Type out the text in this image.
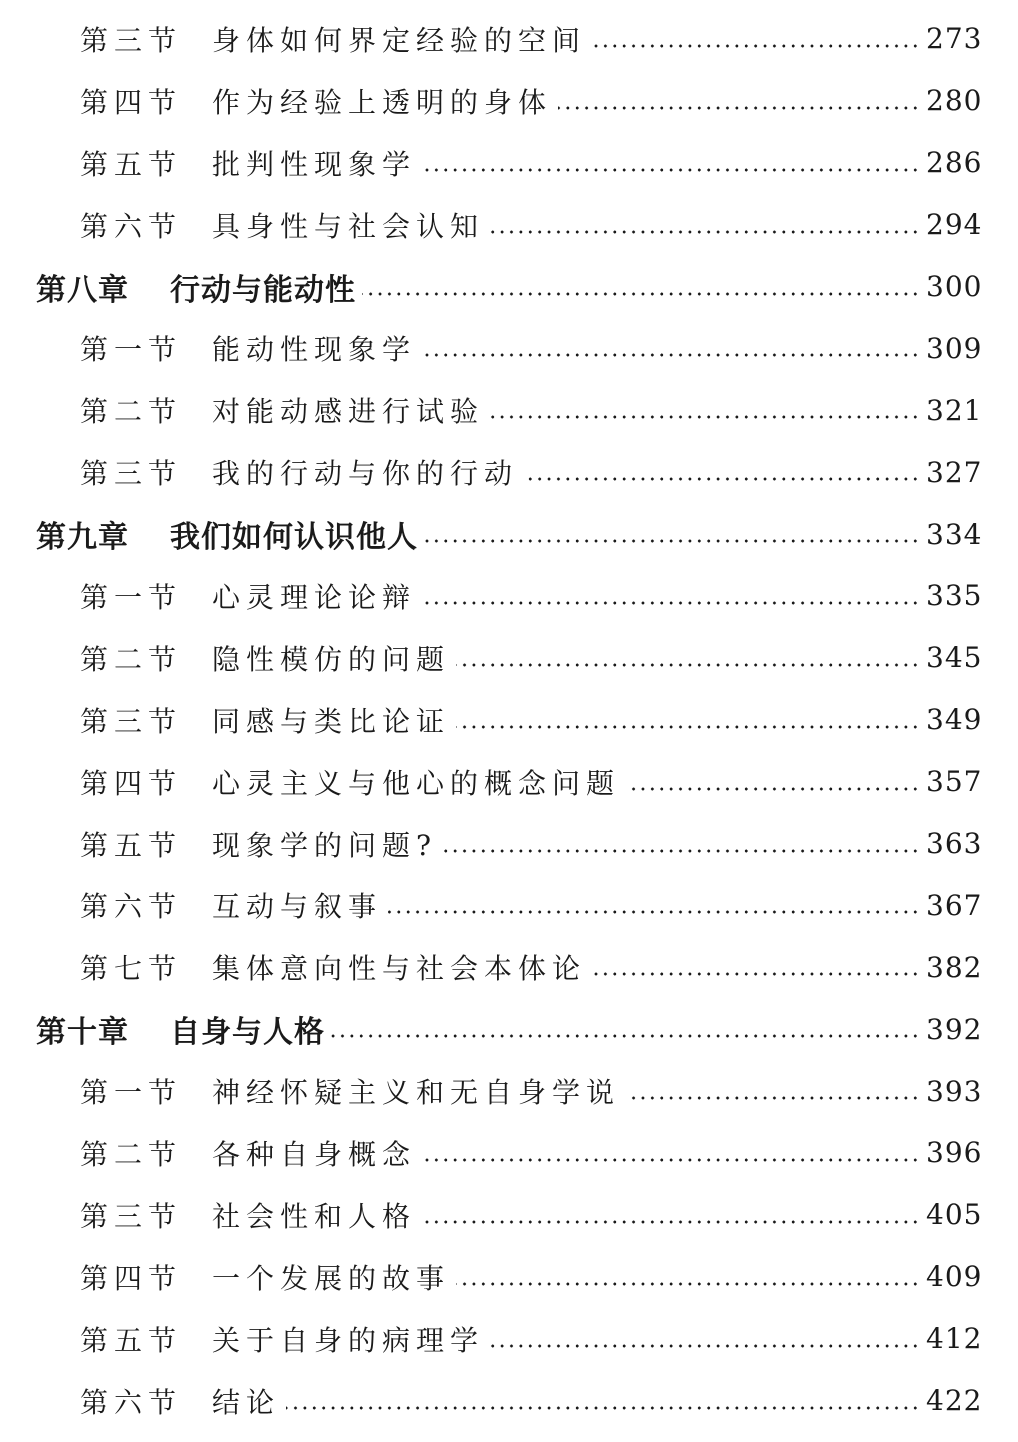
第三节	身体如何界定经验的空间	273
第四节	作为经验上透明的身体	280
第五节	批判性现象学	286
第六节	具身性与社会认知	294
第八章	行动与能动性	300
第一节	能动性现象学	309
第二节	对能动感进行试验	321
第三节	我的行动与你的行动	327
第九章	我们如何认识他人	334
第一节	心灵理论论辩	335
第二节	隐性模仿的问题	345
第三节	同感与类比论证	349
第四节	心灵主义与他心的概念问题	357
第五节	现象学的问题?	363
第六节	互动与叙事	367
第七节	集体意向性与社会本体论	382
第十章	自身与人格	392
第一节	神经怀疑主义和无自身学说	393
第二节	各种自身概念	396
第三节	社会性和人格	405
第四节	一个发展的故事	409
第五节	关于自身的病理学	412
第六节	结论	422
